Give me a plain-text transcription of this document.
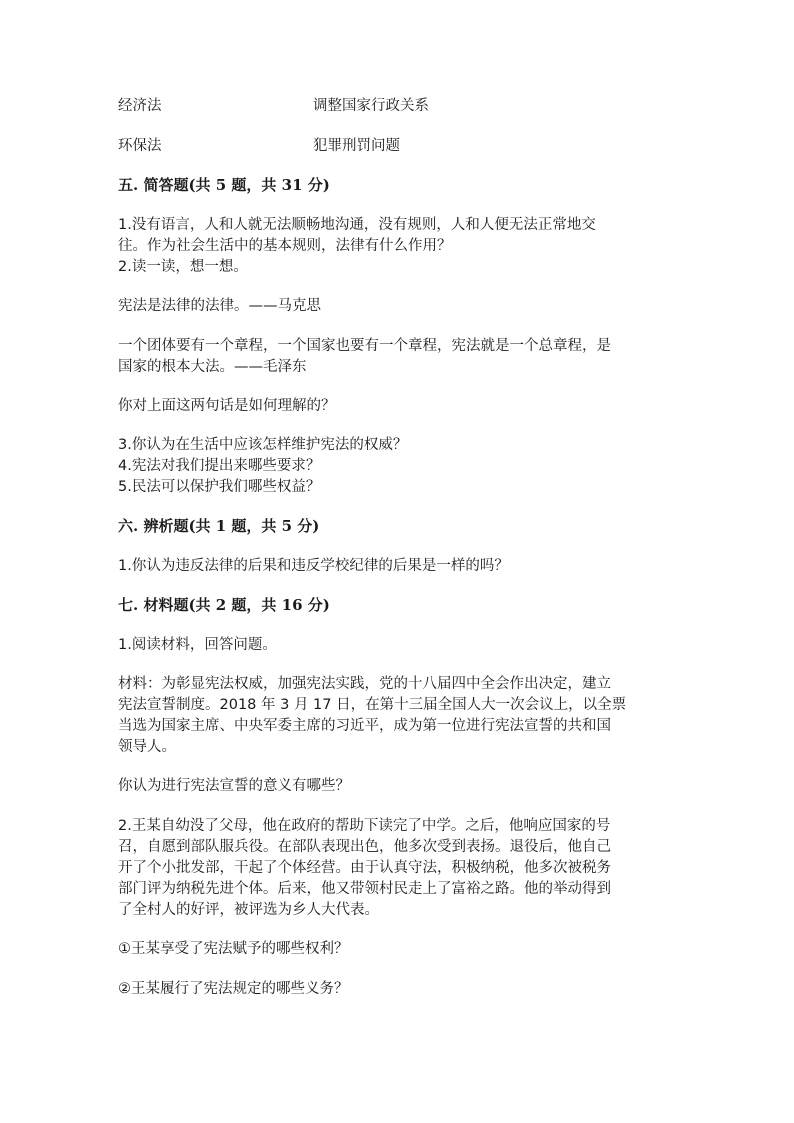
经济法	调整国家行政关系
环保法	犯罪刑罚问题
五. 简答题(共 5 题，共 31 分)
1.没有语言，人和人就无法顺畅地沟通，没有规则，人和人便无法正常地交
往。作为社会生活中的基本规则，法律有什么作用？
2.读一读，想一想。
宪法是法律的法律。——马克思
一个团体要有一个章程，一个国家也要有一个章程，宪法就是一个总章程，是
国家的根本大法。——毛泽东
你对上面这两句话是如何理解的？
3.你认为在生活中应该怎样维护宪法的权威？
4.宪法对我们提出来哪些要求？
5.民法可以保护我们哪些权益？
六. 辨析题(共 1 题，共 5 分)
1.你认为违反法律的后果和违反学校纪律的后果是一样的吗？
七. 材料题(共 2 题，共 16 分)
1.阅读材料，回答问题。
材料：为彰显宪法权威，加强宪法实践，党的十八届四中全会作出决定，建立
宪法宣誓制度。2018 年 3 月 17 日，在第十三届全国人大一次会议上，以全票
当选为国家主席、中央军委主席的习近平，成为第一位进行宪法宣誓的共和国
领导人。
你认为进行宪法宣誓的意义有哪些？
2.王某自幼没了父母，他在政府的帮助下读完了中学。之后，他响应国家的号
召，自愿到部队服兵役。在部队表现出色，他多次受到表扬。退役后，他自己
开了个小批发部，干起了个体经营。由于认真守法，积极纳税，他多次被税务
部门评为纳税先进个体。后来，他又带领村民走上了富裕之路。他的举动得到
了全村人的好评，被评选为乡人大代表。
①王某享受了宪法赋予的哪些权利？
②王某履行了宪法规定的哪些义务？
